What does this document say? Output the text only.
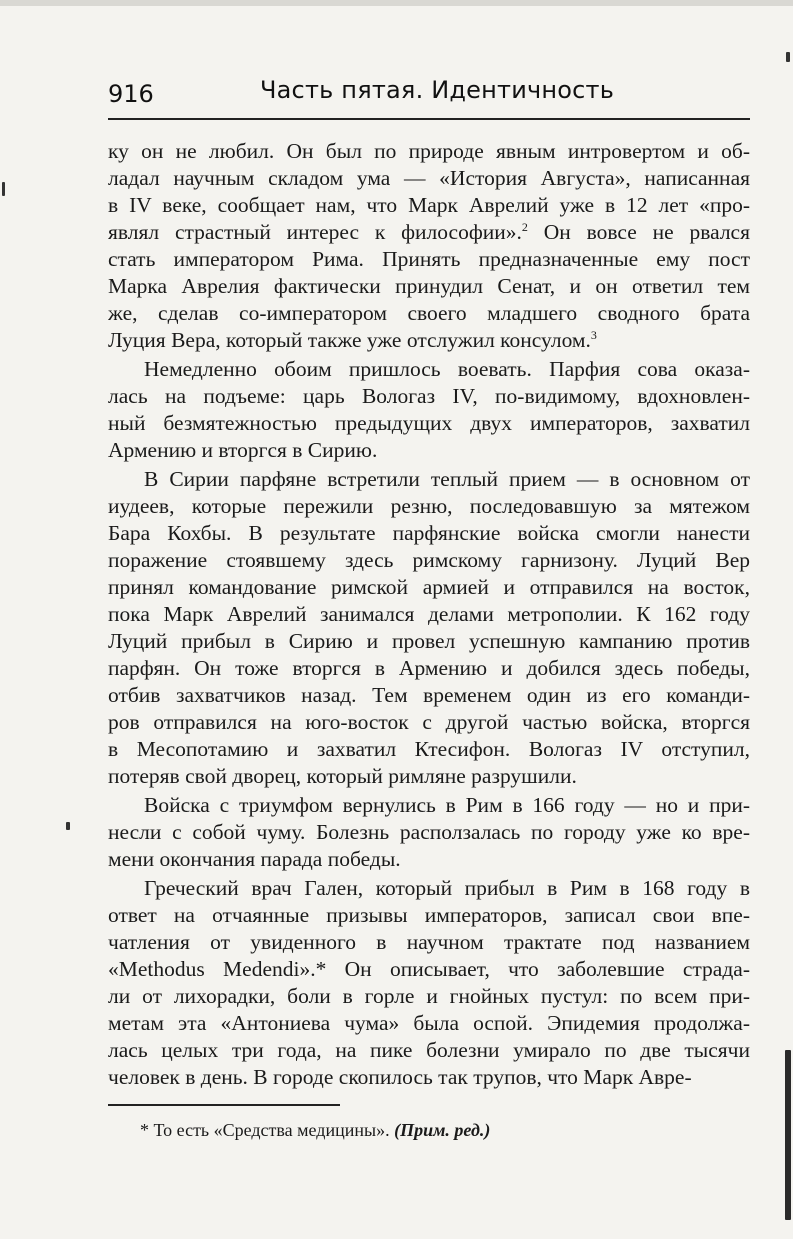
916	Часть пятая. Идентичность
ку он не любил. Он был по природе явным интровертом и об-
ладал научным складом ума — «История Августа», написанная
в IV веке, сообщает нам, что Марк Аврелий уже в 12 лет «про-
являл страстный интерес к философии».$^2$ Он вовсе не рвался
стать императором Рима. Принять предназначенные ему пост
Марка Аврелия фактически принудил Сенат, и он ответил тем
же, сделав со-императором своего младшего сводного брата
Луция Вера, который также уже отслужил консулом.$^3$
Немедленно обоим пришлось воевать. Парфия сова оказа-
лась на подъеме: царь Вологаз IV, по-видимому, вдохновлен-
ный безмятежностью предыдущих двух императоров, захватил
Армению и вторгся в Сирию.
В Сирии парфяне встретили теплый прием — в основном от
иудеев, которые пережили резню, последовавшую за мятежом
Бара Кохбы. В результате парфянские войска смогли нанести
поражение стоявшему здесь римскому гарнизону. Луций Вер
принял командование римской армией и отправился на восток,
пока Марк Аврелий занимался делами метрополии. К 162 году
Луций прибыл в Сирию и провел успешную кампанию против
парфян. Он тоже вторгся в Армению и добился здесь победы,
отбив захватчиков назад. Тем временем один из его команди-
ров отправился на юго-восток с другой частью войска, вторгся
в Месопотамию и захватил Ктесифон. Вологаз IV отступил,
потеряв свой дворец, который римляне разрушили.
Войска с триумфом вернулись в Рим в 166 году — но и при-
несли с собой чуму. Болезнь расползалась по городу уже ко вре-
мени окончания парада победы.
Греческий врач Гален, который прибыл в Рим в 168 году в
ответ на отчаянные призывы императоров, записал свои впе-
чатления от увиденного в научном трактате под названием
«Methodus Medendi».* Он описывает, что заболевшие страда-
ли от лихорадки, боли в горле и гнойных пустул: по всем при-
метам эта «Антониева чума» была оспой. Эпидемия продолжа-
лась целых три года, на пике болезни умирало по две тысячи
человек в день. В городе скопилось так трупов, что Марк Авре-
* То есть «Средства медицины». (Прим. ред.)
